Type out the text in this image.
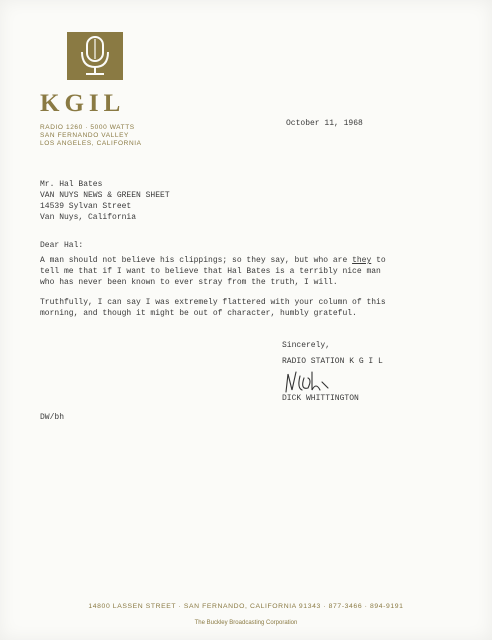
KGIL
RADIO 1260 · 5000 WATTS
SAN FERNANDO VALLEY
LOS ANGELES, CALIFORNIA
October 11, 1968
Mr. Hal Bates
VAN NUYS NEWS & GREEN SHEET
14539 Sylvan Street
Van Nuys, California
Dear Hal:
A man should not believe his clippings; so they say, but who are they to tell me that if I want to believe that Hal Bates is a terribly nice man who has never been known to ever stray from the truth, I will.
Truthfully, I can say I was extremely flattered with your column of this morning, and though it might be out of character, humbly grateful.
Sincerely,
RADIO STATION K G I L
DICK WHITTINGTON
DW/bh
14800 LASSEN STREET · SAN FERNANDO, CALIFORNIA 91343 · 877-3466 · 894-9191
The Buckley Broadcasting Corporation
